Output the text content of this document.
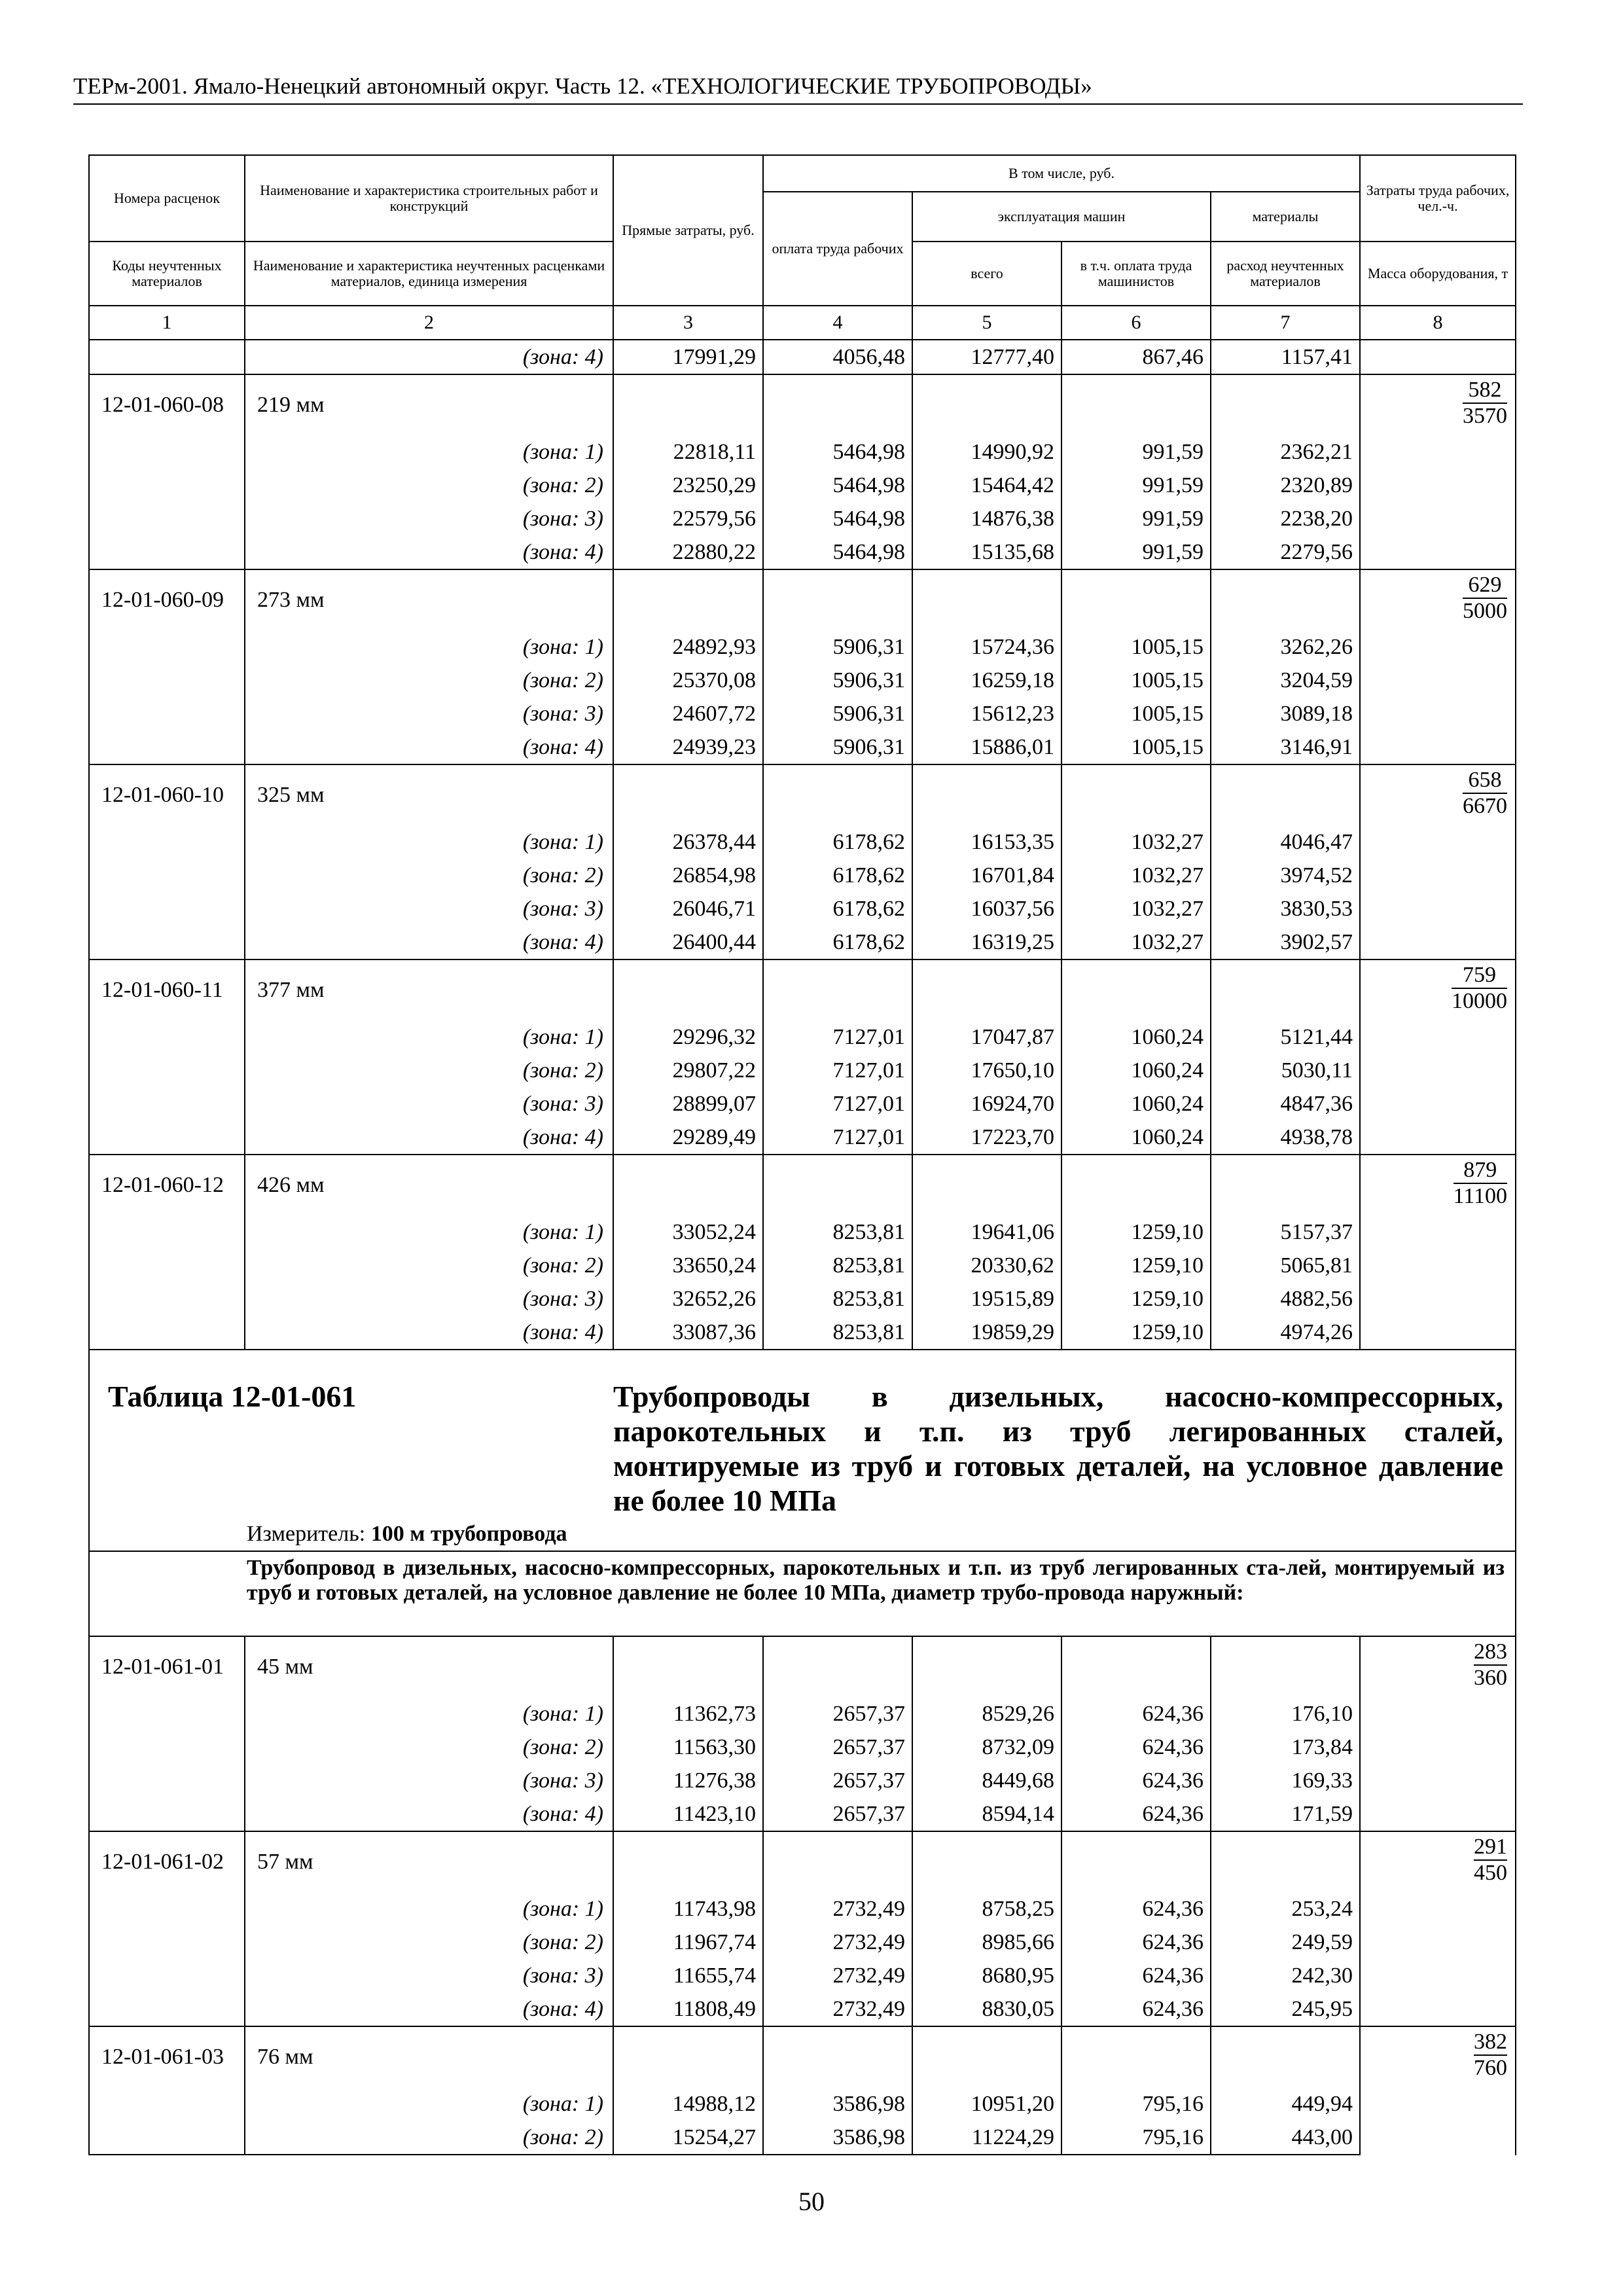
ТЕРм-2001. Ямало-Ненецкий автономный округ. Часть 12. «ТЕХНОЛОГИЧЕСКИЕ ТРУБОПРОВОДЫ»
Номера расценок	Наименование и характеристика строительных работ и конструкций	Прямые затраты, руб.	В том числе, руб.				Затраты труда рабочих, чел.-ч.	
			оплата труда рабочих	эксплуатация машин		материалы		
Коды неучтенных материалов	Наименование и характеристика неучтенных расценками материалов, единица измерения			всего	в т.ч. оплата труда машинистов	расход неучтенных материалов	Масса оборудования, т	
1	2	3	4	5	6	7	8	
	(зона: 4)	17991,29	4056,48	12777,40	867,46	1157,41		
12-01-060-08	219 мм						$\frac{582}{3570}$

	(зона: 1)	22818,11	5464,98	14990,92	991,59	2362,21		
	(зона: 2)	23250,29	5464,98	15464,42	991,59	2320,89		
	(зона: 3)	22579,56	5464,98	14876,38	991,59	2238,20		
	(зона: 4)	22880,22	5464,98	15135,68	991,59	2279,56		
12-01-060-09	273 мм						$\frac{629}{5000}$

	(зона: 1)	24892,93	5906,31	15724,36	1005,15	3262,26		
	(зона: 2)	25370,08	5906,31	16259,18	1005,15	3204,59		
	(зона: 3)	24607,72	5906,31	15612,23	1005,15	3089,18		
	(зона: 4)	24939,23	5906,31	15886,01	1005,15	3146,91		
12-01-060-10	325 мм						$\frac{658}{6670}$

	(зона: 1)	26378,44	6178,62	16153,35	1032,27	4046,47		
	(зона: 2)	26854,98	6178,62	16701,84	1032,27	3974,52		
	(зона: 3)	26046,71	6178,62	16037,56	1032,27	3830,53		
	(зона: 4)	26400,44	6178,62	16319,25	1032,27	3902,57		
12-01-060-11	377 мм						$\frac{759}{10000}$

	(зона: 1)	29296,32	7127,01	17047,87	1060,24	5121,44		
	(зона: 2)	29807,22	7127,01	17650,10	1060,24	5030,11		
	(зона: 3)	28899,07	7127,01	16924,70	1060,24	4847,36		
	(зона: 4)	29289,49	7127,01	17223,70	1060,24	4938,78		
12-01-060-12	426 мм						$\frac{879}{11100}$

	(зона: 1)	33052,24	8253,81	19641,06	1259,10	5157,37		
	(зона: 2)	33650,24	8253,81	20330,62	1259,10	5065,81		
	(зона: 3)	32652,26	8253,81	19515,89	1259,10	4882,56		
	(зона: 4)	33087,36	8253,81	19859,29	1259,10	4974,26		

Таблица 12-01-061 Трубопроводы в дизельных, насосно-компрессорных, парокотельных и т.п. из труб легированных сталей, монтируемые из труб и готовых деталей, на условное давление не более 10 МПа
Измеритель: 100 м трубопровода								

Трубопровод в дизельных, насосно-компрессорных, парокотельных и т.п. из труб легированных ста-лей, монтируемый из труб и готовых деталей, на условное давление не более 10 МПа, диаметр трубо-провода наружный:								

12-01-061-01	45 мм						$\frac{283}{360}$

	(зона: 1)	11362,73	2657,37	8529,26	624,36	176,10		
	(зона: 2)	11563,30	2657,37	8732,09	624,36	173,84		
	(зона: 3)	11276,38	2657,37	8449,68	624,36	169,33		
	(зона: 4)	11423,10	2657,37	8594,14	624,36	171,59		
12-01-061-02	57 мм						$\frac{291}{450}$

	(зона: 1)	11743,98	2732,49	8758,25	624,36	253,24		
	(зона: 2)	11967,74	2732,49	8985,66	624,36	249,59		
	(зона: 3)	11655,74	2732,49	8680,95	624,36	242,30		
	(зона: 4)	11808,49	2732,49	8830,05	624,36	245,95		
12-01-061-03	76 мм						$\frac{382}{760}$

	(зона: 1)	14988,12	3586,98	10951,20	795,16	449,94		
	(зона: 2)	15254,27	3586,98	11224,29	795,16	443,00		
50
